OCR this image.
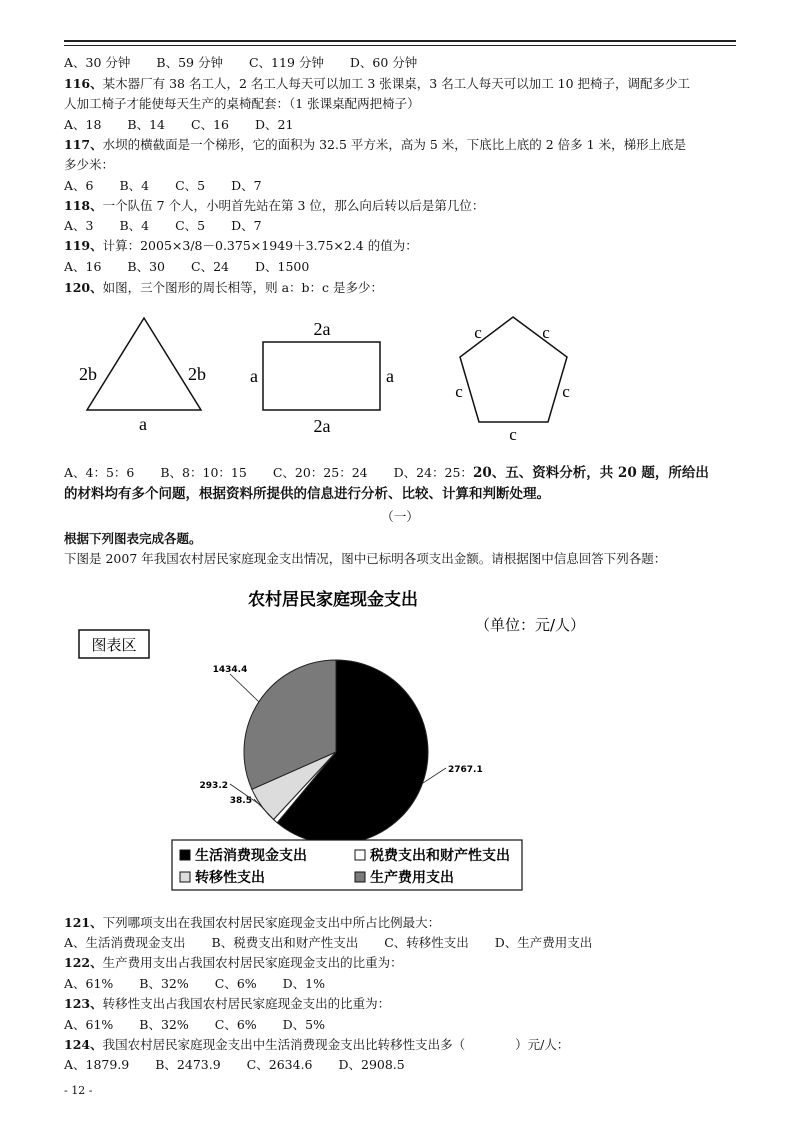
A、30 分钟 B、59 分钟 C、119 分钟 D、60 分钟
116、某木器厂有 38 名工人，2 名工人每天可以加工 3 张课桌，3 名工人每天可以加工 10 把椅子，调配多少工
人加工椅子才能使每天生产的桌椅配套：（1 张课桌配两把椅子）
A、18 B、14 C、16 D、21
117、水坝的横截面是一个梯形，它的面积为 32.5 平方米，高为 5 米，下底比上底的 2 倍多 1 米，梯形上底是
多少米：
A、6 B、4 C、5 D、7
118、一个队伍 7 个人，小明首先站在第 3 位，那么向后转以后是第几位：
A、3 B、4 C、5 D、7
119、计算：2005×3/8－0.375×1949＋3.75×2.4 的值为：
A、16 B、30 C、24 D、1500
120、如图，三个图形的周长相等，则 a：b：c 是多少：
2b	2b
a
2a
2a
a	a
c	c
c	c
c
A、4：5：6 B、8：10：15 C、20：25：24 D、24：25：20、五、资料分析，共 20 题，所给出
的材料均有多个问题，根据资料所提供的信息进行分析、比较、计算和判断处理。
（一）
根据下列图表完成各题。
下图是 2007 年我国农村居民家庭现金支出情况，图中已标明各项支出金额。请根据图中信息回答下列各题：
农村居民家庭现金支出
（单位：元/人）
图表区
2767.1
38.5
293.2
1434.4
生活消费现金支出	税费支出和财产性支出
转移性支出	生产费用支出
121、下列哪项支出在我国农村居民家庭现金支出中所占比例最大：
A、生活消费现金支出 B、税费支出和财产性支出 C、转移性支出 D、生产费用支出
122、生产费用支出占我国农村居民家庭现金支出的比重为：
A、61% B、32% C、6% D、1%
123、转移性支出占我国农村居民家庭现金支出的比重为：
A、61% B、32% C、6% D、5%
124、我国农村居民家庭现金支出中生活消费现金支出比转移性支出多（　　　　）元/人：
A、1879.9 B、2473.9 C、2634.6 D、2908.5
- 12 -
